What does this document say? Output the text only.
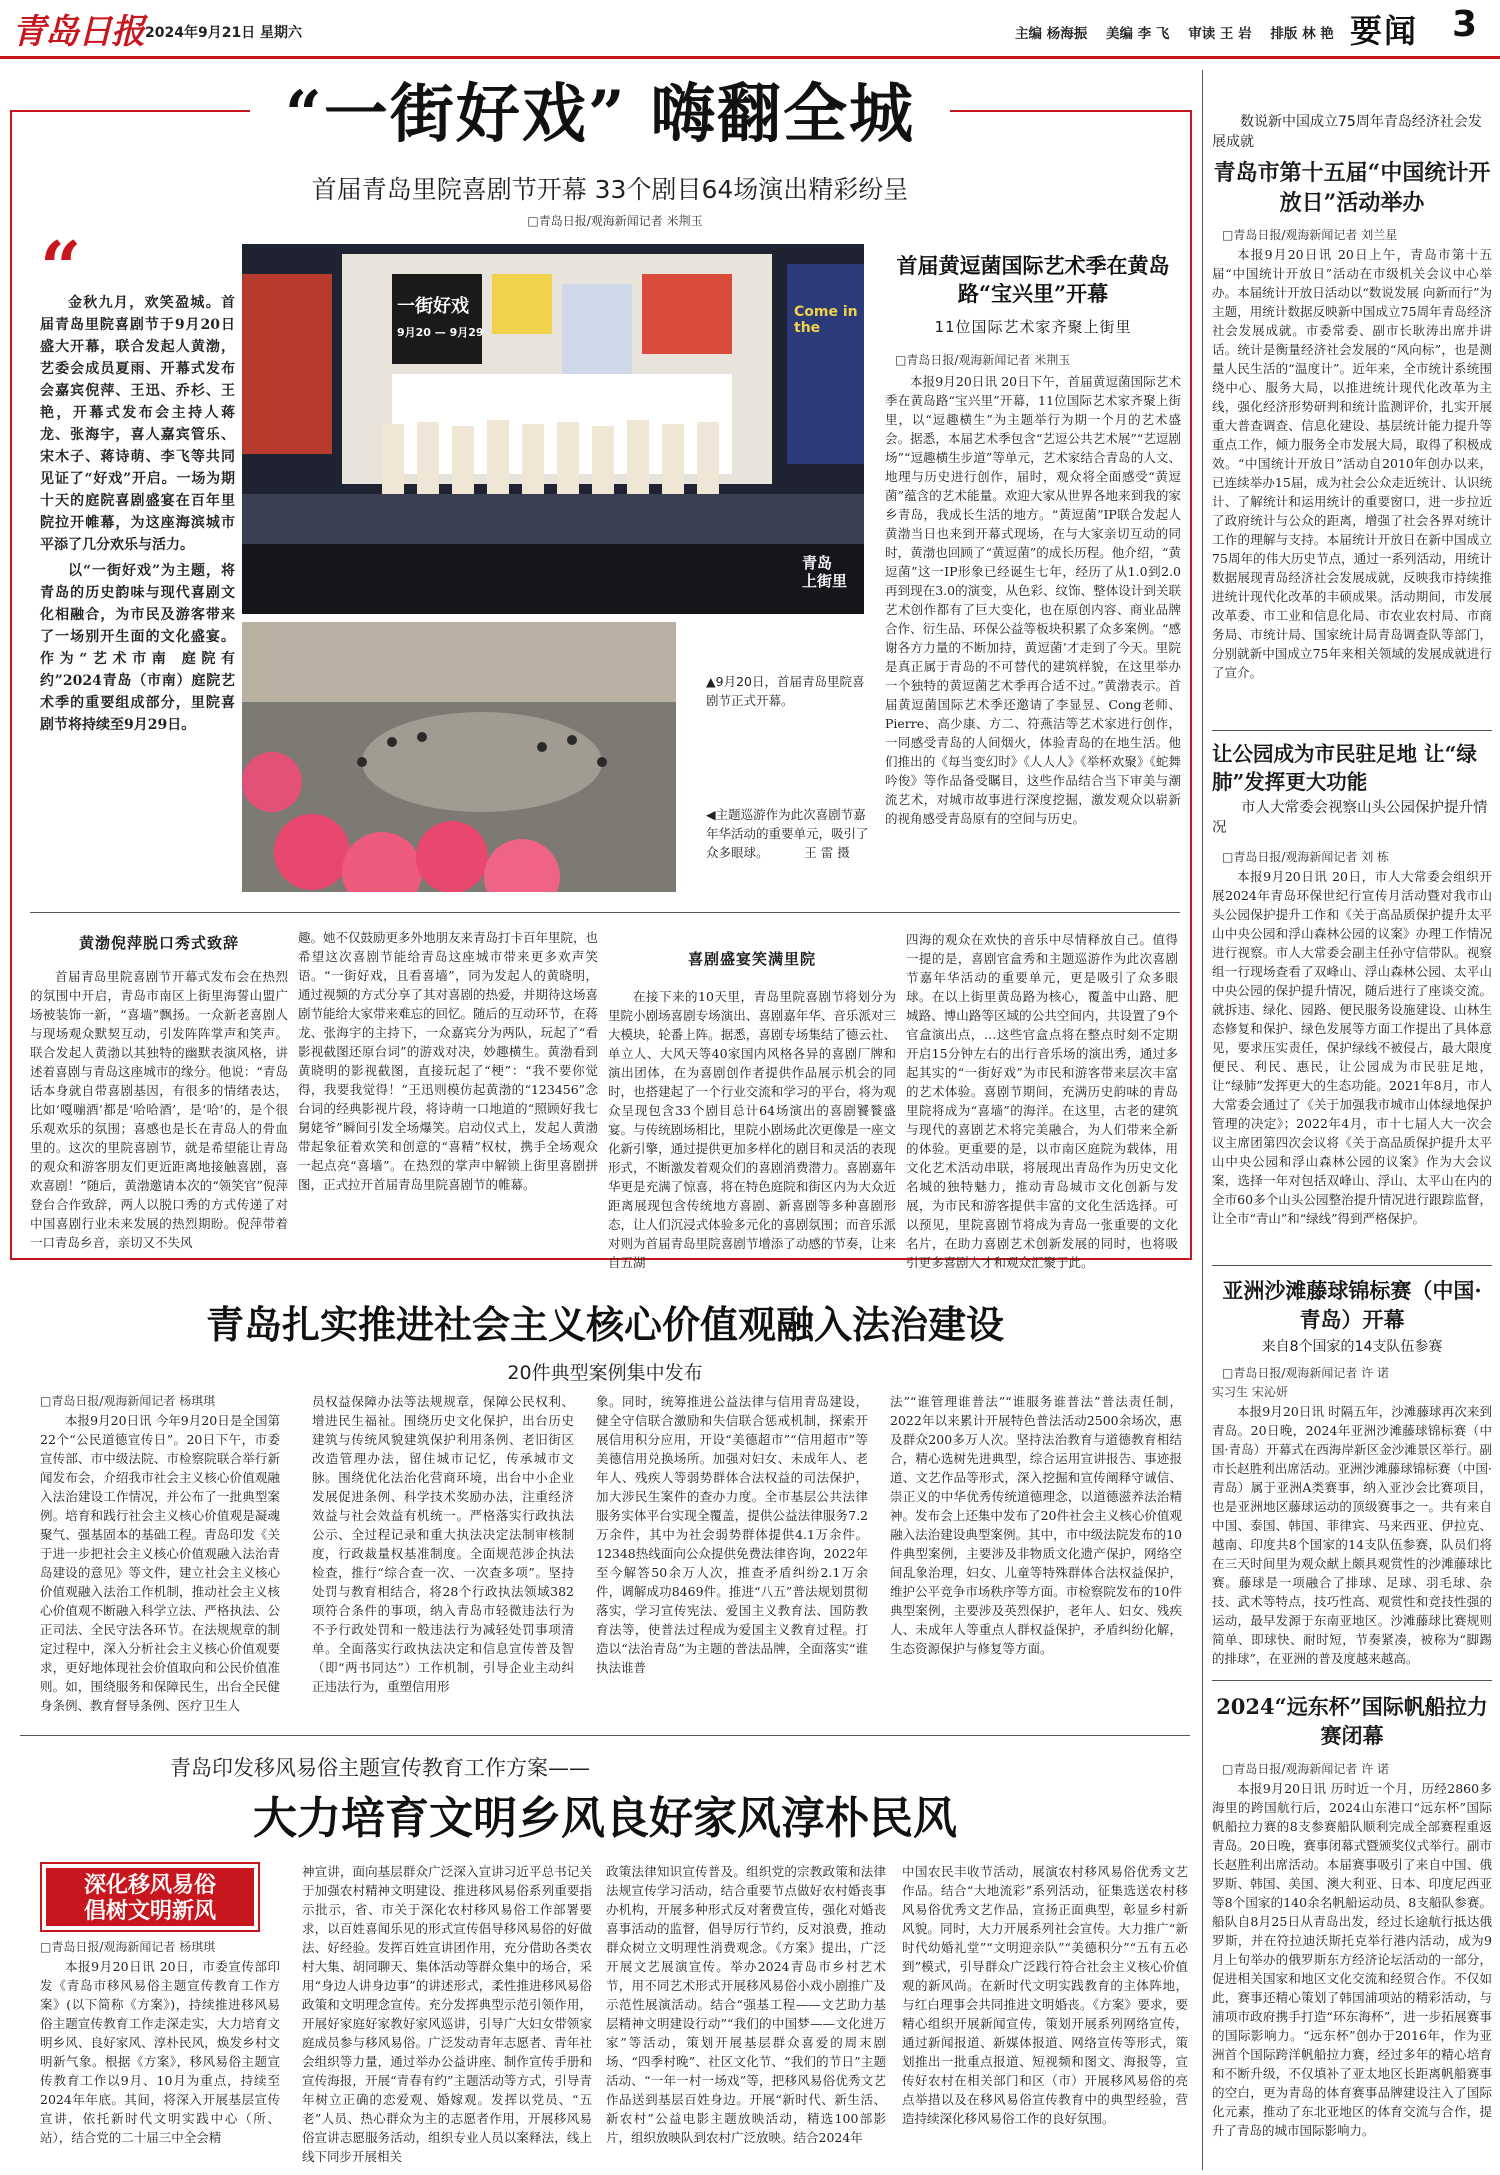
青岛日报 2024年9月21日 星期六	主编 杨海振    美编 李 飞    审读 王 岩    排版 林 艳 要闻 3
“一街好戏” 嗨翻全城
首届青岛里院喜剧节开幕 33个剧目64场演出精彩纷呈
□青岛日报/观海新闻记者 米荆玉
“

金秋九月，欢笑盈城。首届青岛里院喜剧节于9月20日盛大开幕，联合发起人黄渤，艺委会成员夏雨、开幕式发布会嘉宾倪萍、王迅、乔杉、王艳，开幕式发布会主持人蒋龙、张海宇，喜人嘉宾管乐、宋木子、蒋诗萌、李飞等共同见证了“好戏”开启。一场为期十天的庭院喜剧盛宴在百年里院拉开帷幕，为这座海滨城市平添了几分欢乐与活力。

以“一街好戏”为主题，将青岛的历史韵味与现代喜剧文化相融合，为市民及游客带来了一场别开生面的文化盛宴。作为“艺术市南 庭院有约”2024青岛（市南）庭院艺术季的重要组成部分，里院喜剧节将持续至9月29日。

一街好戏
9月20 — 9月29
Come in the
青岛
上街里
▲9月20日，首届青岛里院喜剧节正式开幕。
◀主题巡游作为此次喜剧节嘉年华活动的重要单元，吸引了众多眼球。         王 雷 摄
首届黄逗菌国际艺术季在黄岛路“宝兴里”开幕
11位国际艺术家齐聚上街里
□青岛日报/观海新闻记者 米荆玉

本报9月20日讯 20日下午，首届黄逗菌国际艺术季在黄岛路“宝兴里”开幕，11位国际艺术家齐聚上街里，以“逗趣横生”为主题举行为期一个月的艺术盛会。据悉，本届艺术季包含“艺逗公共艺术展”“艺逗剧场”“逗趣横生步道”等单元，艺术家结合青岛的人文、地理与历史进行创作，届时，观众将全面感受“黄逗菌”蕴含的艺术能量。欢迎大家从世界各地来到我的家乡青岛，我成长生活的地方。“黄逗菌”IP联合发起人黄渤当日也来到开幕式现场，在与大家亲切互动的同时，黄渤也回顾了“黄逗菌”的成长历程。他介绍，“黄逗菌”这一IP形象已经诞生七年，经历了从1.0到2.0再到现在3.0的演变，从色彩、纹饰、整体设计到关联艺术创作都有了巨大变化，也在原创内容、商业品牌合作、衍生品、环保公益等板块积累了众多案例。“感谢各方力量的不断加持，黄逗菌’才走到了今天。里院是真正属于青岛的不可替代的建筑样貌，在这里举办一个独特的黄逗菌艺术季再合适不过。”黄渤表示。首届黄逗菌国际艺术季还邀请了李显昱、Cong老师、Pierre、高少康、方二、符燕洁等艺术家进行创作，一同感受青岛的人间烟火，体验青岛的在地生活。他们推出的《每当变幻时》《人人人》《举杯欢聚》《蛇舞吟俊》等作品备受瞩目，这些作品结合当下审美与潮流艺术，对城市故事进行深度挖掘，激发观众以崭新的视角感受青岛原有的空间与历史。

黄渤倪萍脱口秀式致辞

首届青岛里院喜剧节开幕式发布会在热烈的氛围中开启，青岛市南区上街里海誓山盟广场被装饰一新，“喜墙”飘扬。一众新老喜剧人与现场观众默契互动，引发阵阵掌声和笑声。联合发起人黄渤以其独特的幽默表演风格，讲述着喜剧与青岛这座城市的缘分。他说：“青岛话本身就自带喜剧基因，有很多的情绪表达，比如‘嘎嘣酒’都是‘哈哈酒’，是‘哈’的，是个很乐观欢乐的氛围；喜感也是长在青岛人的骨血里的。这次的里院喜剧节，就是希望能让青岛的观众和游客朋友们更近距离地接触喜剧，喜欢喜剧！”随后，黄渤邀请本次的“领笑官”倪萍登台合作致辞，两人以脱口秀的方式传递了对中国喜剧行业未来发展的热烈期盼。倪萍带着一口青岛乡音，亲切又不失风

趣。她不仅鼓励更多外地朋友来青岛打卡百年里院，也希望这次喜剧节能给青岛这座城市带来更多欢声笑语。“一街好戏，且看喜墙”，同为发起人的黄晓明，通过视频的方式分享了其对喜剧的热爱，并期待这场喜剧节能给大家带来难忘的回忆。随后的互动环节，在蒋龙、张海宇的主持下，一众嘉宾分为两队，玩起了“看影视截图还原台词”的游戏对决，妙趣横生。黄渤看到黄晓明的影视截图，直接玩起了“梗”：“我不要你觉得，我要我觉得！”王迅则模仿起黄渤的“123456”念台词的经典影视片段，将诗萌一口地道的“照顾好我七舅姥爷”瞬间引发全场爆笑。启动仪式上，发起人黄渤带起象征着欢笑和创意的“喜精”权杖，携手全场观众一起点亮“喜墙”。在热烈的掌声中解锁上街里喜剧拼图，正式拉开首届青岛里院喜剧节的帷幕。

喜剧盛宴笑满里院

在接下来的10天里，青岛里院喜剧节将划分为里院小剧场喜剧专场演出、喜剧嘉年华、音乐派对三大模块，轮番上阵。据悉，喜剧专场集结了德云社、单立人、大风天等40家国内风格各异的喜剧厂牌和演出团体，在为喜剧创作者提供作品展示机会的同时，也搭建起了一个行业交流和学习的平台，将为观众呈现包含33个剧目总计64场演出的喜剧饕餮盛宴。与传统剧场相比，里院小剧场此次更像是一座文化新引擎，通过提供更加多样化的剧目和灵活的表现形式，不断激发着观众们的喜剧消费潜力。喜剧嘉年华更是充满了惊喜，将在特色庭院和街区内为大众近距离展现包含传统地方喜剧、新喜剧等多种喜剧形态，让人们沉浸式体验多元化的喜剧氛围；而音乐派对则为首届青岛里院喜剧节增添了动感的节奏，让来自五湖

四海的观众在欢快的音乐中尽情释放自己。值得一提的是，喜剧官盒秀和主题巡游作为此次喜剧节嘉年华活动的重要单元，更是吸引了众多眼球。在以上街里黄岛路为核心，覆盖中山路、肥城路、博山路等区域的公共空间内，共设置了9个官盒演出点，…这些官盒点将在整点时刻不定期开启15分钟左右的出行音乐场的演出秀，通过多起其实的“一街好戏”为市民和游客带来层次丰富的艺术体验。喜剧节期间，充满历史韵味的青岛里院将成为“喜墙”的海洋。在这里，古老的建筑与现代的喜剧艺术将完美融合，为人们带来全新的体验。更重要的是，以市南区庭院为载体，用文化艺术活动串联，将展现出青岛作为历史文化名城的独特魅力，推动青岛城市文化创新与发展，为市民和游客提供丰富的文化生活选择。可以预见，里院喜剧节将成为青岛一张重要的文化名片，在助力喜剧艺术创新发展的同时，也将吸引更多喜剧人才和观众汇聚于此。

数说新中国成立75周年青岛经济社会发展成就
青岛市第十五届“中国统计开放日”活动举办
□青岛日报/观海新闻记者 刘兰星

本报9月20日讯 20日上午，青岛市第十五届“中国统计开放日”活动在市级机关会议中心举办。本届统计开放日活动以“数说发展 向新而行”为主题，用统计数据反映新中国成立75周年青岛经济社会发展成就。市委常委、副市长耿涛出席并讲话。统计是衡量经济社会发展的“风向标”，也是测量人民生活的“温度计”。近年来，全市统计系统围绕中心、服务大局，以推进统计现代化改革为主线，强化经济形势研判和统计监测评价，扎实开展重大普查调查、信息化建设、基层统计能力提升等重点工作，倾力服务全市发展大局，取得了积极成效。“中国统计开放日”活动自2010年创办以来，已连续举办15届，成为社会公众走近统计、认识统计、了解统计和运用统计的重要窗口，进一步拉近了政府统计与公众的距离，增强了社会各界对统计工作的理解与支持。本届统计开放日在新中国成立75周年的伟大历史节点，通过一系列活动，用统计数据展现青岛经济社会发展成就，反映我市持续推进统计现代化改革的丰硕成果。活动期间，市发展改革委、市工业和信息化局、市农业农村局、市商务局、市统计局、国家统计局青岛调查队等部门，分别就新中国成立75年来相关领域的发展成就进行了宣介。

让公园成为市民驻足地 让“绿肺”发挥更大功能
市人大常委会视察山头公园保护提升情况
□青岛日报/观海新闻记者 刘 栋

本报9月20日讯 20日，市人大常委会组织开展2024年青岛环保世纪行宣传月活动暨对我市山头公园保护提升工作和《关于高品质保护提升太平山中央公园和浮山森林公园的议案》办理工作情况进行视察。市人大常委会副主任孙守信带队。视察组一行现场查看了双峰山、浮山森林公园、太平山中央公园的保护提升情况，随后进行了座谈交流。就拆违、绿化、园路、便民服务设施建设、山林生态修复和保护、绿色发展等方面工作提出了具体意见，要求压实责任，保护绿线不被侵占，最大限度便民、利民、惠民，让公园成为市民驻足地，让“绿肺”发挥更大的生态功能。2021年8月，市人大常委会通过了《关于加强我市城市山体绿地保护管理的决定》；2022年4月，市十七届人大一次会议主席团第四次会议将《关于高品质保护提升太平山中央公园和浮山森林公园的议案》作为大会议案，选择一年对包括双峰山、浮山、太平山在内的全市60多个山头公园整治提升情况进行跟踪监督，让全市“青山”和“绿线”得到严格保护。

亚洲沙滩藤球锦标赛（中国·青岛）开幕
来自8个国家的14支队伍参赛
□青岛日报/观海新闻记者 许 诺
实习生 宋沁妍

本报9月20日讯 时隔五年，沙滩藤球再次来到青岛。20日晚，2024年亚洲沙滩藤球锦标赛（中国·青岛）开幕式在西海岸新区金沙滩景区举行。副市长赵胜利出席活动。亚洲沙滩藤球锦标赛（中国·青岛）属于亚洲A类赛事，纳入亚沙会比赛项目，也是亚洲地区藤球运动的顶级赛事之一。共有来自中国、泰国、韩国、菲律宾、马来西亚、伊拉克、越南、印度共8个国家的14支队伍参赛，队员们将在三天时间里为观众献上颇具观赏性的沙滩藤球比赛。藤球是一项融合了排球、足球、羽毛球、杂技、武术等特点，技巧性高、观赏性和竞技性强的运动，最早发源于东南亚地区。沙滩藤球比赛规则简单、即球快、耐时短，节奏紧凑，被称为“脚踢的排球”，在亚洲的普及度越来越高。

2024“远东杯”国际帆船拉力赛闭幕
□青岛日报/观海新闻记者 许 诺

本报9月20日讯 历时近一个月，历经2860多海里的跨国航行后，2024山东港口“远东杯”国际帆船拉力赛的8支参赛船队顺利完成全部赛程重返青岛。20日晚，赛事闭幕式暨颁奖仪式举行。副市长赵胜利出席活动。本届赛事吸引了来自中国、俄罗斯、韩国、美国、澳大利亚、日本、印度尼西亚等8个国家的140余名帆船运动员、8支船队参赛。船队自8月25日从青岛出发，经过长途航行抵达俄罗斯，并在符拉迪沃斯托克举行港内活动，成为9月上旬举办的俄罗斯东方经济论坛活动的一部分，促进相关国家和地区文化交流和经贸合作。不仅如此，赛事还精心策划了韩国浦项站的精彩活动，与浦项市政府携手打造“环东海杯”，进一步拓展赛事的国际影响力。“远东杯”创办于2016年，作为亚洲首个国际跨洋帆船拉力赛，经过多年的精心培育和不断升级，不仅填补了亚太地区长距离帆船赛事的空白，更为青岛的体育赛事品牌建设注入了国际化元素，推动了东北亚地区的体育交流与合作，提升了青岛的城市国际影响力。

青岛扎实推进社会主义核心价值观融入法治建设
20件典型案例集中发布
□青岛日报/观海新闻记者 杨琪琪

本报9月20日讯 今年9月20日是全国第22个“公民道德宣传日”。20日下午，市委宣传部、市中级法院、市检察院联合举行新闻发布会，介绍我市社会主义核心价值观融入法治建设工作情况，并公布了一批典型案例。培育和践行社会主义核心价值观是凝魂聚气、强基固本的基础工程。青岛印发《关于进一步把社会主义核心价值观融入法治青岛建设的意见》等文件，建立社会主义核心价值观融入法治工作机制，推动社会主义核心价值观不断融入科学立法、严格执法、公正司法、全民守法各环节。在法规规章的制定过程中，深入分析社会主义核心价值观要求，更好地体现社会价值取向和公民价值准则。如，围绕服务和保障民生，出台全民健身条例、教育督导条例、医疗卫生人

员权益保障办法等法规规章，保障公民权利、增进民生福祉。围绕历史文化保护，出台历史建筑与传统风貌建筑保护利用条例、老旧街区改造管理办法，留住城市记忆，传承城市文脉。围绕优化法治化营商环境，出台中小企业发展促进条例、科学技术奖励办法，注重经济效益与社会效益有机统一。严格落实行政执法公示、全过程记录和重大执法决定法制审核制度，行政裁量权基准制度。全面规范涉企执法检查，推行“综合查一次、一次查多项”。坚持处罚与教育相结合，将28个行政执法领域382项符合条件的事项，纳入青岛市轻微违法行为不予行政处罚和一般违法行为减轻处罚事项清单。全面落实行政执法决定和信息宣传普及智（即“两书同达”）工作机制，引导企业主动纠正违法行为，重塑信用形

象。同时，统筹推进公益法律与信用青岛建设，健全守信联合激励和失信联合惩戒机制，探索开展信用积分应用，开设“美德超市”“信用超市”等美德信用兑换场所。加强对妇女、未成年人、老年人、残疾人等弱势群体合法权益的司法保护，加大涉民生案件的查办力度。全市基层公共法律服务实体平台实现全覆盖，提供公益法律服务7.2万余件，其中为社会弱势群体提供4.1万余件。12348热线面向公众提供免费法律咨询，2022年至今解答50余万人次，推查矛盾纠纷2.1万余件，调解成功8469件。推进“八五”普法规划贯彻落实，学习宣传宪法、爱国主义教育法、国防教育法等，使普法过程成为爱国主义教育过程。打造以“法治青岛”为主题的普法品牌，全面落实“谁执法谁普

法”“谁管理谁普法”“谁服务谁普法”普法责任制，2022年以来累计开展特色普法活动2500余场次，惠及群众200多万人次。坚持法治教育与道德教育相结合，精心选树先进典型，综合运用宣讲报告、事迹报道、文艺作品等形式，深入挖掘和宣传阐释守诚信、崇正义的中华优秀传统道德理念，以道德滋养法治精神。发布会上还集中发布了20件社会主义核心价值观融入法治建设典型案例。其中，市中级法院发布的10件典型案例，主要涉及非物质文化遗产保护，网络空间乱象治理，妇女、儿童等特殊群体合法权益保护，维护公平竞争市场秩序等方面。市检察院发布的10件典型案例，主要涉及英烈保护，老年人、妇女、残疾人、未成年人等重点人群权益保护，矛盾纠纷化解，生态资源保护与修复等方面。

青岛印发移风易俗主题宣传教育工作方案——
大力培育文明乡风良好家风淳朴民风
深化移风易俗
倡树文明新风
□青岛日报/观海新闻记者 杨琪琪

本报9月20日讯 20日，市委宣传部印发《青岛市移风易俗主题宣传教育工作方案》(以下简称《方案》)，持续推进移风易俗主题宣传教育工作走深走实，大力培育文明乡风、良好家风、淳朴民风，焕发乡村文明新气象。根据《方案》，移风易俗主题宣传教育工作以9月、10月为重点，持续至2024年年底。其间，将深入开展基层宣传宣讲，依托新时代文明实践中心（所、站），结合党的二十届三中全会精

神宣讲，面向基层群众广泛深入宣讲习近平总书记关于加强农村精神文明建设、推进移风易俗系列重要指示批示，省、市关于深化农村移风易俗工作部署要求，以百姓喜闻乐见的形式宣传倡导移风易俗的好做法、好经验。发挥百姓宣讲团作用，充分借助各类农村大集、胡同聊天、集体活动等群众集中的场合，采用“身边人讲身边事”的讲述形式，柔性推进移风易俗政策和文明理念宣传。充分发挥典型示范引领作用，开展好家庭好家教好家风巡讲，引导广大妇女带领家庭成员参与移风易俗。广泛发动青年志愿者、青年社会组织等力量，通过举办公益讲座、制作宣传手册和宣传海报，开展“青春有约”主题活动等方式，引导青年树立正确的恋爱观、婚嫁观。发挥以党员、“五老”人员、热心群众为主的志愿者作用，开展移风易俗宣讲志愿服务活动，组织专业人员以案释法，线上线下同步开展相关

政策法律知识宣传普及。组织党的宗教政策和法律法规宣传学习活动，结合重要节点做好农村婚丧事办机构，开展多种形式反对奢费宣传，强化对婚丧喜事活动的监督，倡导厉行节约，反对浪费，推动群众树立文明理性消费观念。《方案》提出，广泛开展文艺展演宣传。举办2024青岛市乡村艺术节，用不同艺术形式开展移风易俗小戏小剧推广及示范性展演活动。结合“强基工程——文艺助力基层精神文明建设行动”“我们的中国梦——文化进万家”等活动，策划开展基层群众喜爱的周末剧场、“四季村晚”、社区文化节、“我们的节日”主题活动、“一年一村一场戏”等，把移风易俗优秀文艺作品送到基层百姓身边。开展“新时代、新生活、新农村”公益电影主题放映活动，精选100部影片，组织放映队到农村广泛放映。结合2024年

中国农民丰收节活动，展演农村移风易俗优秀文艺作品。结合“大地流彩”系列活动，征集选送农村移风易俗优秀文艺作品，宣扬正面典型，彰显乡村新风貌。同时，大力开展系列社会宣传。大力推广“新时代幼婚礼堂”“文明迎亲队”“美德积分”“五有五必到”模式，引导群众广泛践行符合社会主义核心价值观的新风尚。在新时代文明实践教育的主体阵地，与红白理事会共同推进文明婚丧。《方案》要求，要精心组织开展新闻宣传，策划开展系列网络宣传，通过新闻报道、新媒体报道、网络宣传等形式，策划推出一批重点报道、短视频和图文、海报等，宣传好农村在相关部门和区（市）开展移风易俗的亮点举措以及在移风易俗宣传教育中的典型经验，营造持续深化移风易俗工作的良好氛围。
